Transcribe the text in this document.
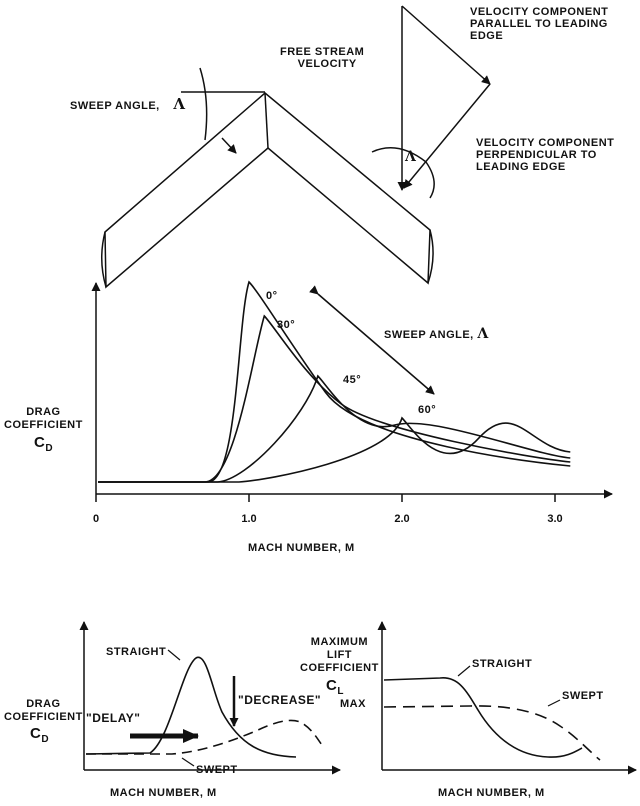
0	1.0	2.0	3.0
FREE STREAM
VELOCITY
VELOCITY COMPONENT
PARALLEL TO LEADING
EDGE
VELOCITY COMPONENT
PERPENDICULAR TO
LEADING EDGE
SWEEP ANGLE, Λ
Λ
DRAG
COEFFICIENT
$C_D$
MACH NUMBER, M
SWEEP ANGLE, Λ
0°
30°
45°
60°
DRAG
COEFFICIENT
$C_D$
STRAIGHT
SWEPT
"DELAY"
"DECREASE"
MACH NUMBER, M
MAXIMUM
LIFT
COEFFICIENT
$C_L$
MAX
STRAIGHT
SWEPT
MACH NUMBER, M
